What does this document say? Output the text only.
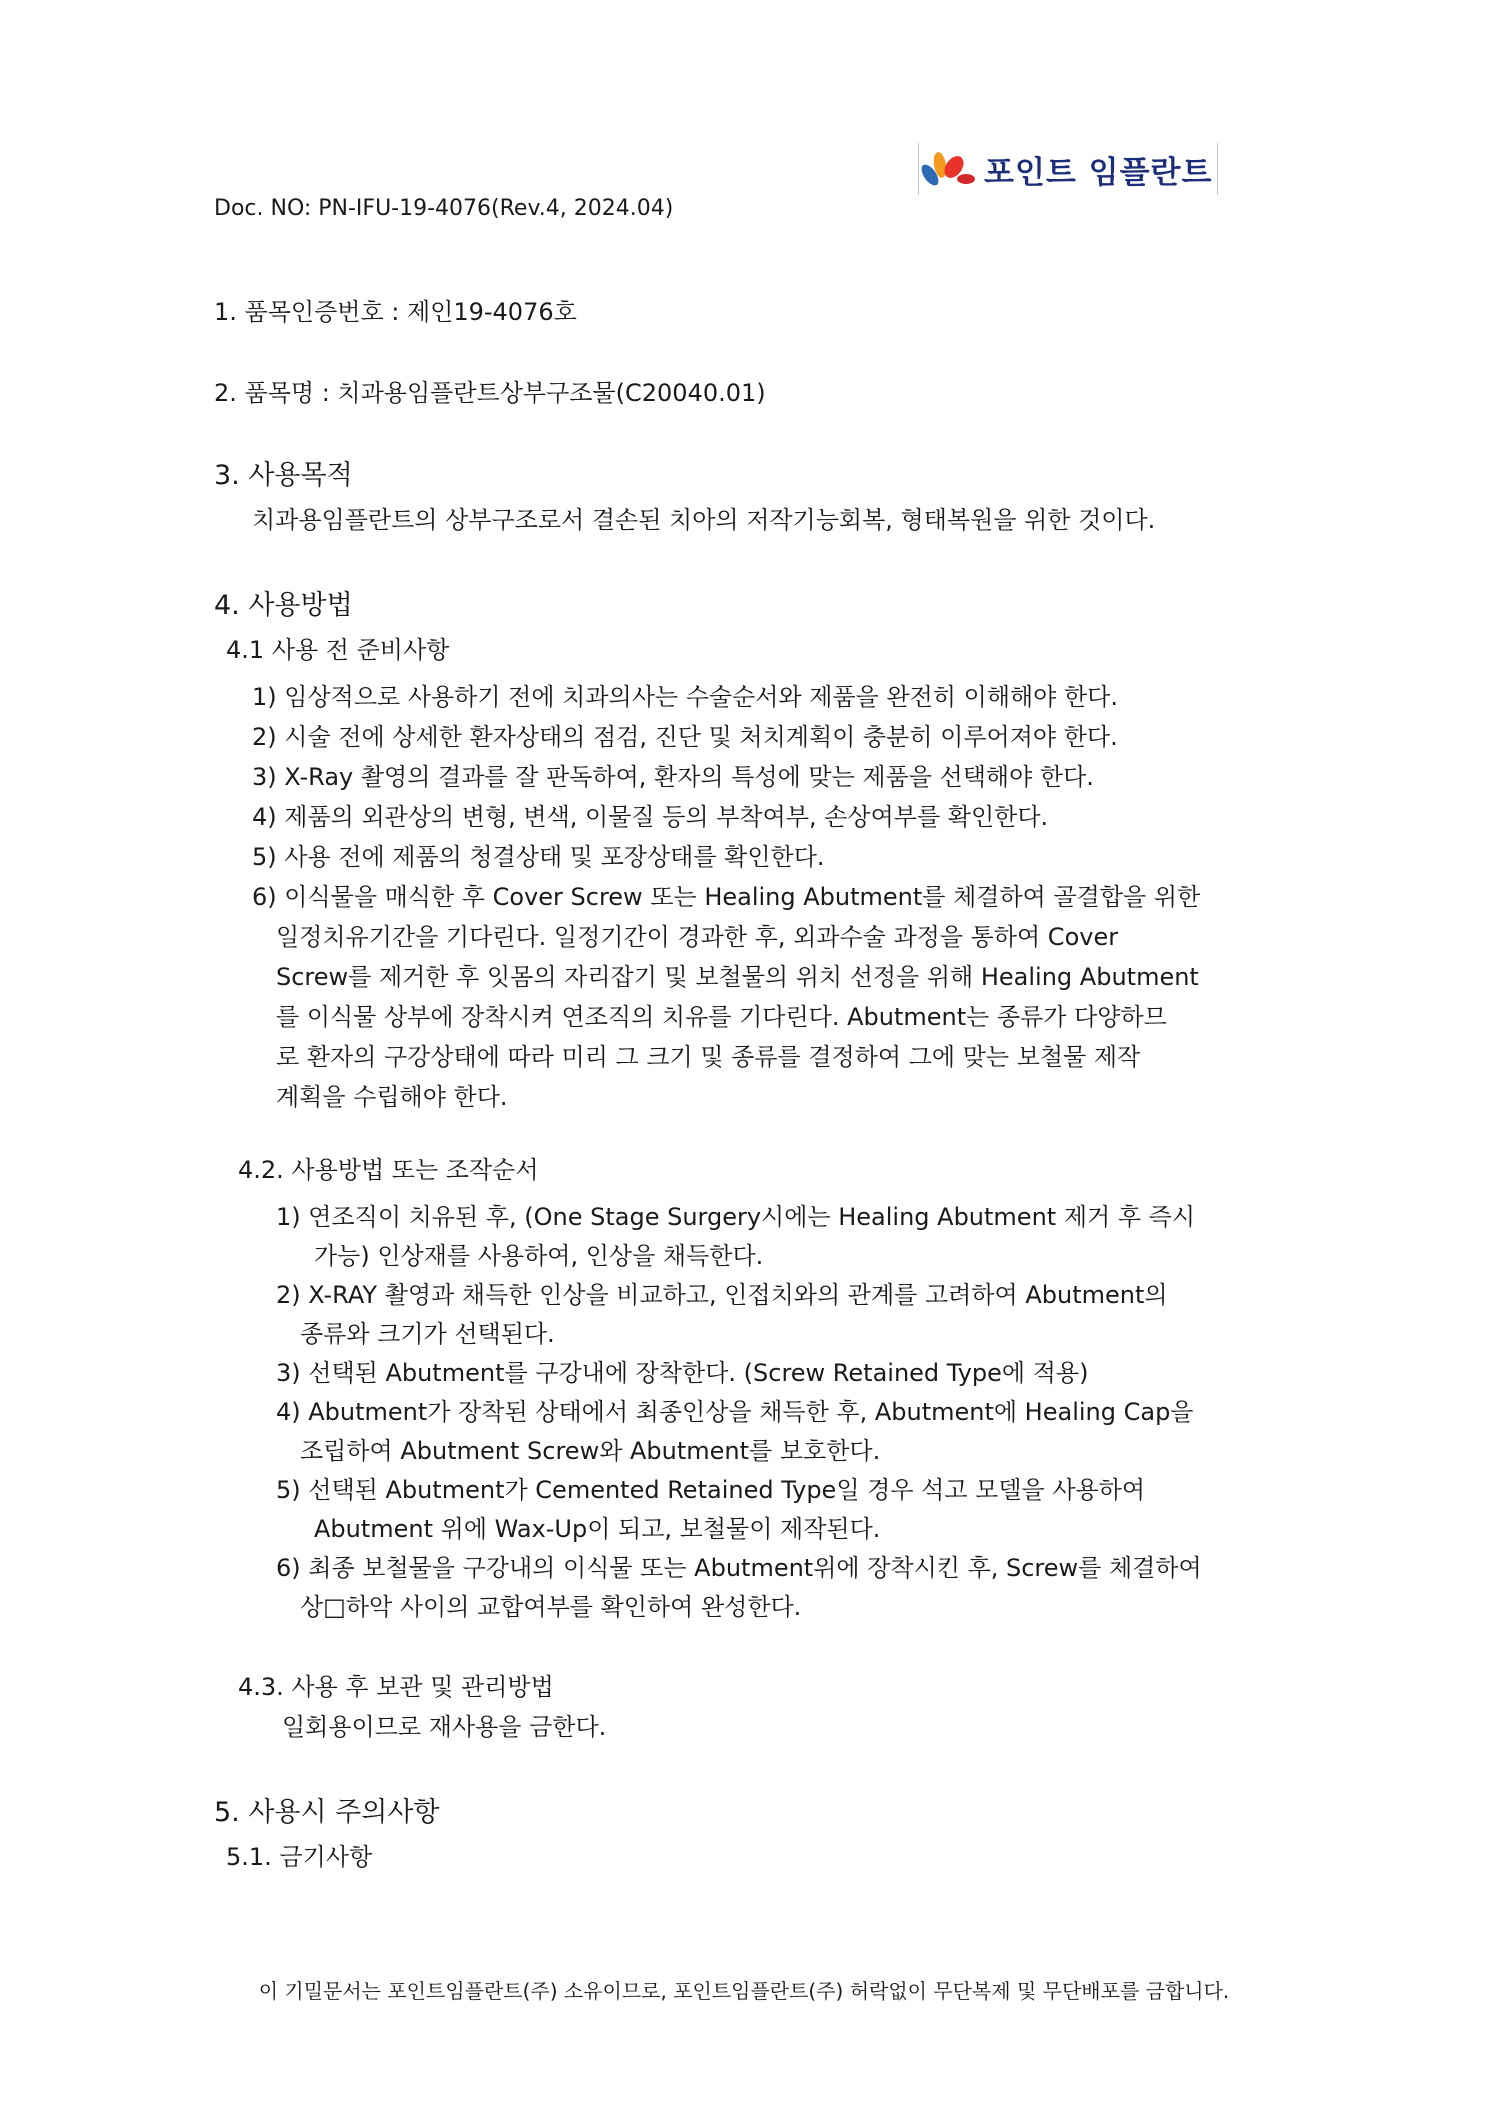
포인트 임플란트
Doc. NO: PN-IFU-19-4076(Rev.4, 2024.04)
1. 품목인증번호 : 제인19-4076호
2. 품목명 : 치과용임플란트상부구조물(C20040.01)
3. 사용목적
치과용임플란트의 상부구조로서 결손된 치아의 저작기능회복, 형태복원을 위한 것이다.
4. 사용방법
4.1 사용 전 준비사항
1) 임상적으로 사용하기 전에 치과의사는 수술순서와 제품을 완전히 이해해야 한다.
2) 시술 전에 상세한 환자상태의 점검, 진단 및 처치계획이 충분히 이루어져야 한다.
3) X-Ray 촬영의 결과를 잘 판독하여, 환자의 특성에 맞는 제품을 선택해야 한다.
4) 제품의 외관상의 변형, 변색, 이물질 등의 부착여부, 손상여부를 확인한다.
5) 사용 전에 제품의 청결상태 및 포장상태를 확인한다.
6) 이식물을 매식한 후 Cover Screw 또는 Healing Abutment를 체결하여 골결합을 위한
일정치유기간을 기다린다. 일정기간이 경과한 후, 외과수술 과정을 통하여 Cover
Screw를 제거한 후 잇몸의 자리잡기 및 보철물의 위치 선정을 위해 Healing Abutment
를 이식물 상부에 장착시켜 연조직의 치유를 기다린다. Abutment는 종류가 다양하므
로 환자의 구강상태에 따라 미리 그 크기 및 종류를 결정하여 그에 맞는 보철물 제작
계획을 수립해야 한다.
4.2. 사용방법 또는 조작순서
1) 연조직이 치유된 후, (One Stage Surgery시에는 Healing Abutment 제거 후 즉시
가능) 인상재를 사용하여, 인상을 채득한다.
2) X-RAY 촬영과 채득한 인상을 비교하고, 인접치와의 관계를 고려하여 Abutment의
종류와 크기가 선택된다.
3) 선택된 Abutment를 구강내에 장착한다. (Screw Retained Type에 적용)
4) Abutment가 장착된 상태에서 최종인상을 채득한 후, Abutment에 Healing Cap을
조립하여 Abutment Screw와 Abutment를 보호한다.
5) 선택된 Abutment가 Cemented Retained Type일 경우 석고 모델을 사용하여
Abutment 위에 Wax-Up이 되고, 보철물이 제작된다.
6) 최종 보철물을 구강내의 이식물 또는 Abutment위에 장착시킨 후, Screw를 체결하여
상□하악 사이의 교합여부를 확인하여 완성한다.
4.3. 사용 후 보관 및 관리방법
일회용이므로 재사용을 금한다.
5. 사용시 주의사항
5.1. 금기사항
이 기밀문서는 포인트임플란트(주) 소유이므로, 포인트임플란트(주) 허락없이 무단복제 및 무단배포를 금합니다.
